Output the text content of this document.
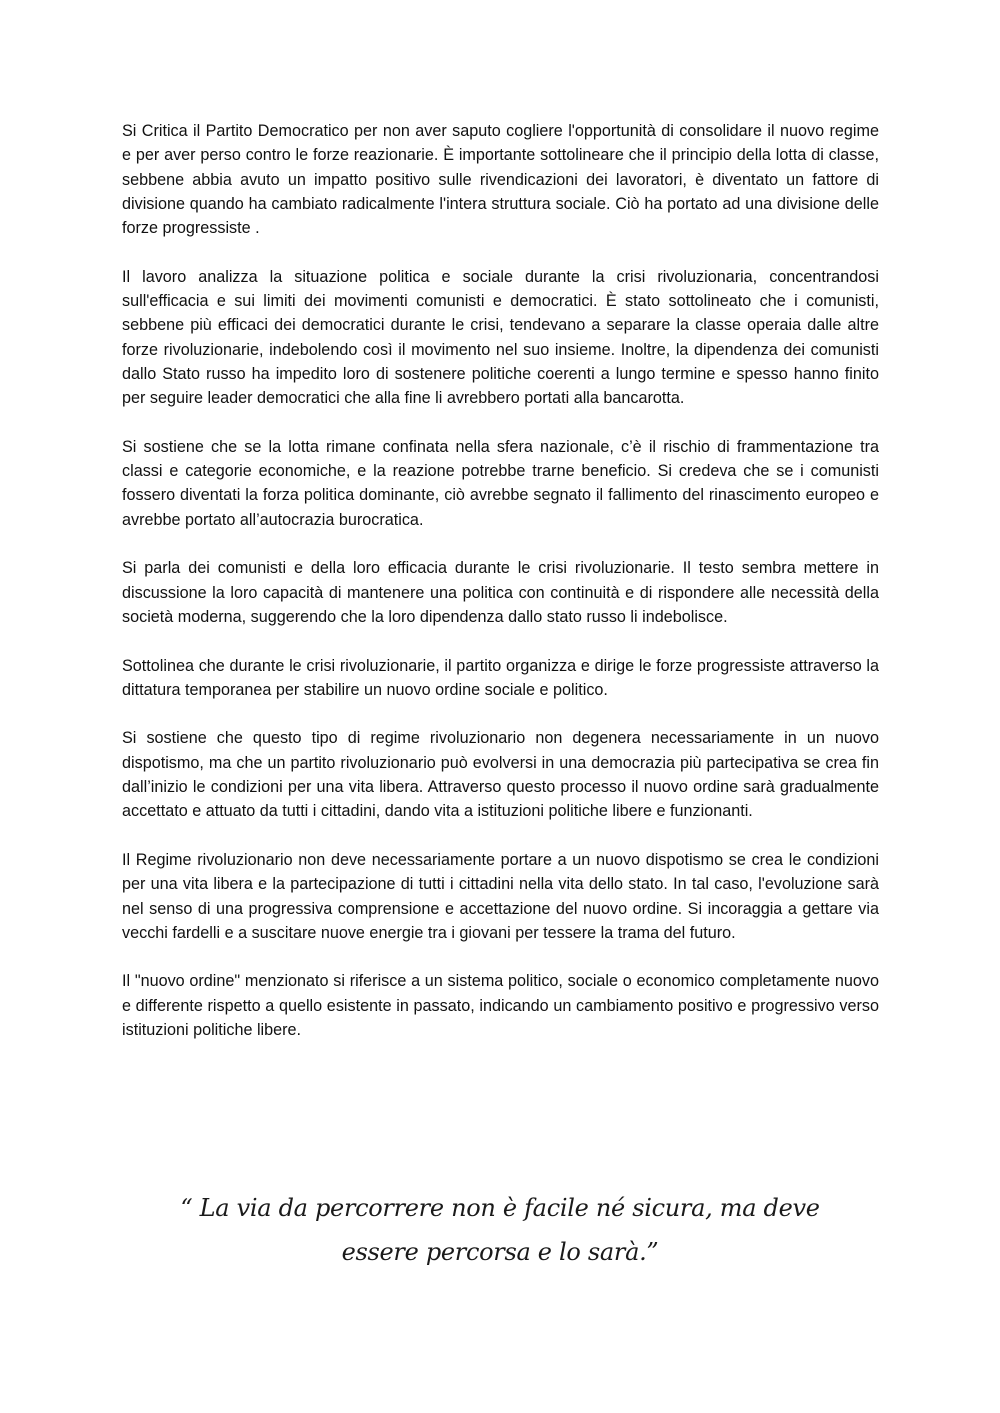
Si Critica il Partito Democratico per non aver saputo cogliere l'opportunità di consolidare il nuovo regime e per aver perso contro le forze reazionarie. È importante sottolineare che il principio della lotta di classe, sebbene abbia avuto un impatto positivo sulle rivendicazioni dei lavoratori, è diventato un fattore di divisione quando ha cambiato radicalmente l'intera struttura sociale. Ciò ha portato ad una divisione delle forze progressiste .

Il lavoro analizza la situazione politica e sociale durante la crisi rivoluzionaria, concentrandosi sull'efficacia e sui limiti dei movimenti comunisti e democratici. È stato sottolineato che i comunisti, sebbene più efficaci dei democratici durante le crisi, tendevano a separare la classe operaia dalle altre forze rivoluzionarie, indebolendo così il movimento nel suo insieme. Inoltre, la dipendenza dei comunisti dallo Stato russo ha impedito loro di sostenere politiche coerenti a lungo termine e spesso hanno finito per seguire leader democratici che alla fine li avrebbero portati alla bancarotta.

Si sostiene che se la lotta rimane confinata nella sfera nazionale, c’è il rischio di frammentazione tra classi e categorie economiche, e la reazione potrebbe trarne beneficio. Si credeva che se i comunisti fossero diventati la forza politica dominante, ciò avrebbe segnato il fallimento del rinascimento europeo e avrebbe portato all’autocrazia burocratica.

Si parla dei comunisti e della loro efficacia durante le crisi rivoluzionarie. Il testo sembra mettere in discussione la loro capacità di mantenere una politica con continuità e di rispondere alle necessità della società moderna, suggerendo che la loro dipendenza dallo stato russo li indebolisce.

Sottolinea che durante le crisi rivoluzionarie, il partito organizza e dirige le forze progressiste attraverso la dittatura temporanea per stabilire un nuovo ordine sociale e politico.

Si sostiene che questo tipo di regime rivoluzionario non degenera necessariamente in un nuovo dispotismo, ma che un partito rivoluzionario può evolversi in una democrazia più partecipativa se crea fin dall’inizio le condizioni per una vita libera. Attraverso questo processo il nuovo ordine sarà gradualmente accettato e attuato da tutti i cittadini, dando vita a istituzioni politiche libere e funzionanti.

Il Regime rivoluzionario non deve necessariamente portare a un nuovo dispotismo se crea le condizioni per una vita libera e la partecipazione di tutti i cittadini nella vita dello stato. In tal caso, l'evoluzione sarà nel senso di una progressiva comprensione e accettazione del nuovo ordine. Si incoraggia a gettare via vecchi fardelli e a suscitare nuove energie tra i giovani per tessere la trama del futuro.

Il "nuovo ordine" menzionato si riferisce a un sistema politico, sociale o economico completamente nuovo e differente rispetto a quello esistente in passato, indicando un cambiamento positivo e progressivo verso istituzioni politiche libere.

“ La via da percorrere non è facile né sicura, ma deve essere percorsa e lo sarà.”
